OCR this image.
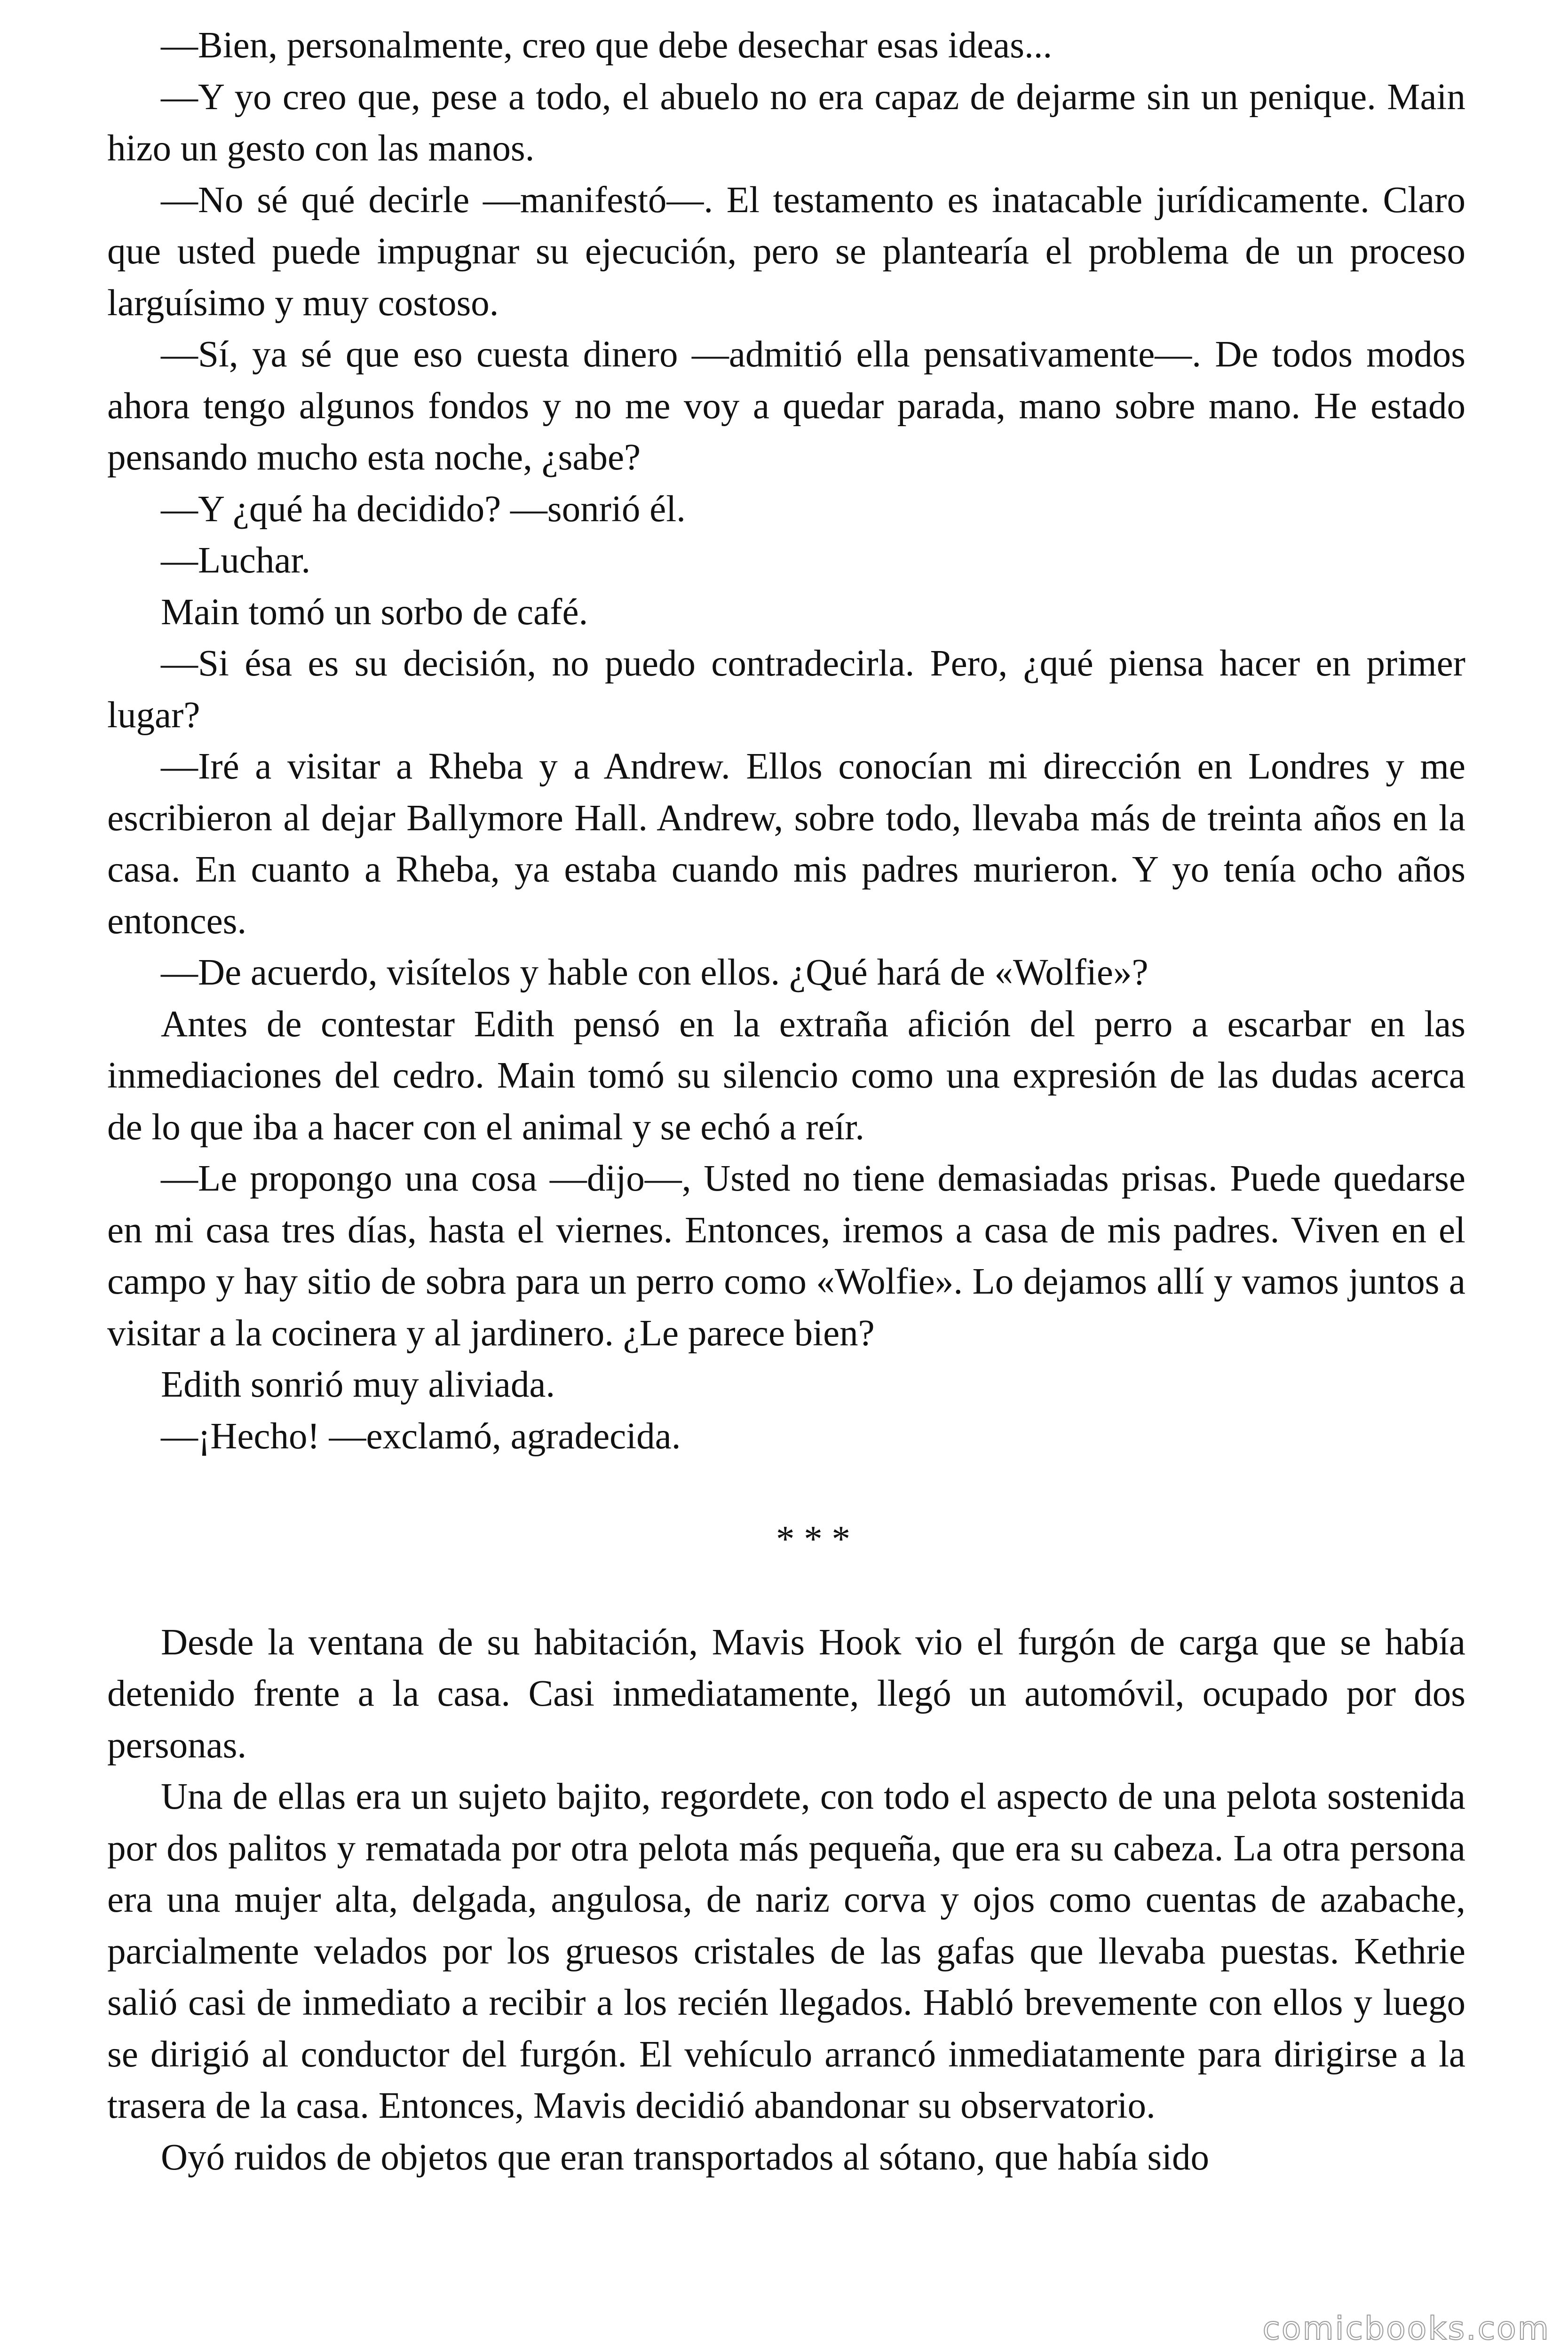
—Bien, personalmente, creo que debe desechar esas ideas...

—Y yo creo que, pese a todo, el abuelo no era capaz de dejarme sin un penique. Main hizo un gesto con las manos.

—No sé qué decirle —manifestó—. El testamento es inatacable jurídicamente. Claro que usted puede impugnar su ejecución, pero se plantearía el problema de un proceso larguísimo y muy costoso.

—Sí, ya sé que eso cuesta dinero —admitió ella pensativamente—. De todos modos ahora tengo algunos fondos y no me voy a quedar parada, mano sobre mano. He estado pensando mucho esta noche, ¿sabe?

—Y ¿qué ha decidido? —sonrió él.

—Luchar.

Main tomó un sorbo de café.

—Si ésa es su decisión, no puedo contradecirla. Pero, ¿qué piensa hacer en primer lugar?

—Iré a visitar a Rheba y a Andrew. Ellos conocían mi dirección en Londres y me escribieron al dejar Ballymore Hall. Andrew, sobre todo, llevaba más de treinta años en la casa. En cuanto a Rheba, ya estaba cuando mis padres murieron. Y yo tenía ocho años entonces.

—De acuerdo, visítelos y hable con ellos. ¿Qué hará de «Wolfie»?

Antes de contestar Edith pensó en la extraña afición del perro a escarbar en las inmediaciones del cedro. Main tomó su silencio como una expresión de las dudas acerca de lo que iba a hacer con el animal y se echó a reír.

—Le propongo una cosa —dijo—, Usted no tiene demasiadas prisas. Puede quedarse en mi casa tres días, hasta el viernes. Entonces, iremos a casa de mis padres. Viven en el campo y hay sitio de sobra para un perro como «Wolfie». Lo dejamos allí y vamos juntos a visitar a la cocinera y al jardinero. ¿Le parece bien?

Edith sonrió muy aliviada.

—¡Hecho! —exclamó, agradecida.

* * *

Desde la ventana de su habitación, Mavis Hook vio el furgón de carga que se había detenido frente a la casa. Casi inmediatamente, llegó un automóvil, ocupado por dos personas.

Una de ellas era un sujeto bajito, regordete, con todo el aspecto de una pelota sostenida por dos palitos y rematada por otra pelota más pequeña, que era su cabeza. La otra persona era una mujer alta, delgada, angulosa, de nariz corva y ojos como cuentas de azabache, parcialmente velados por los gruesos cristales de las gafas que llevaba puestas. Kethrie salió casi de inmediato a recibir a los recién llegados. Habló brevemente con ellos y luego se dirigió al conductor del furgón. El vehículo arrancó inmediatamente para dirigirse a la trasera de la casa. Entonces, Mavis decidió abandonar su observatorio.

Oyó ruidos de objetos que eran transportados al sótano, que había sido

comicbooks.com
